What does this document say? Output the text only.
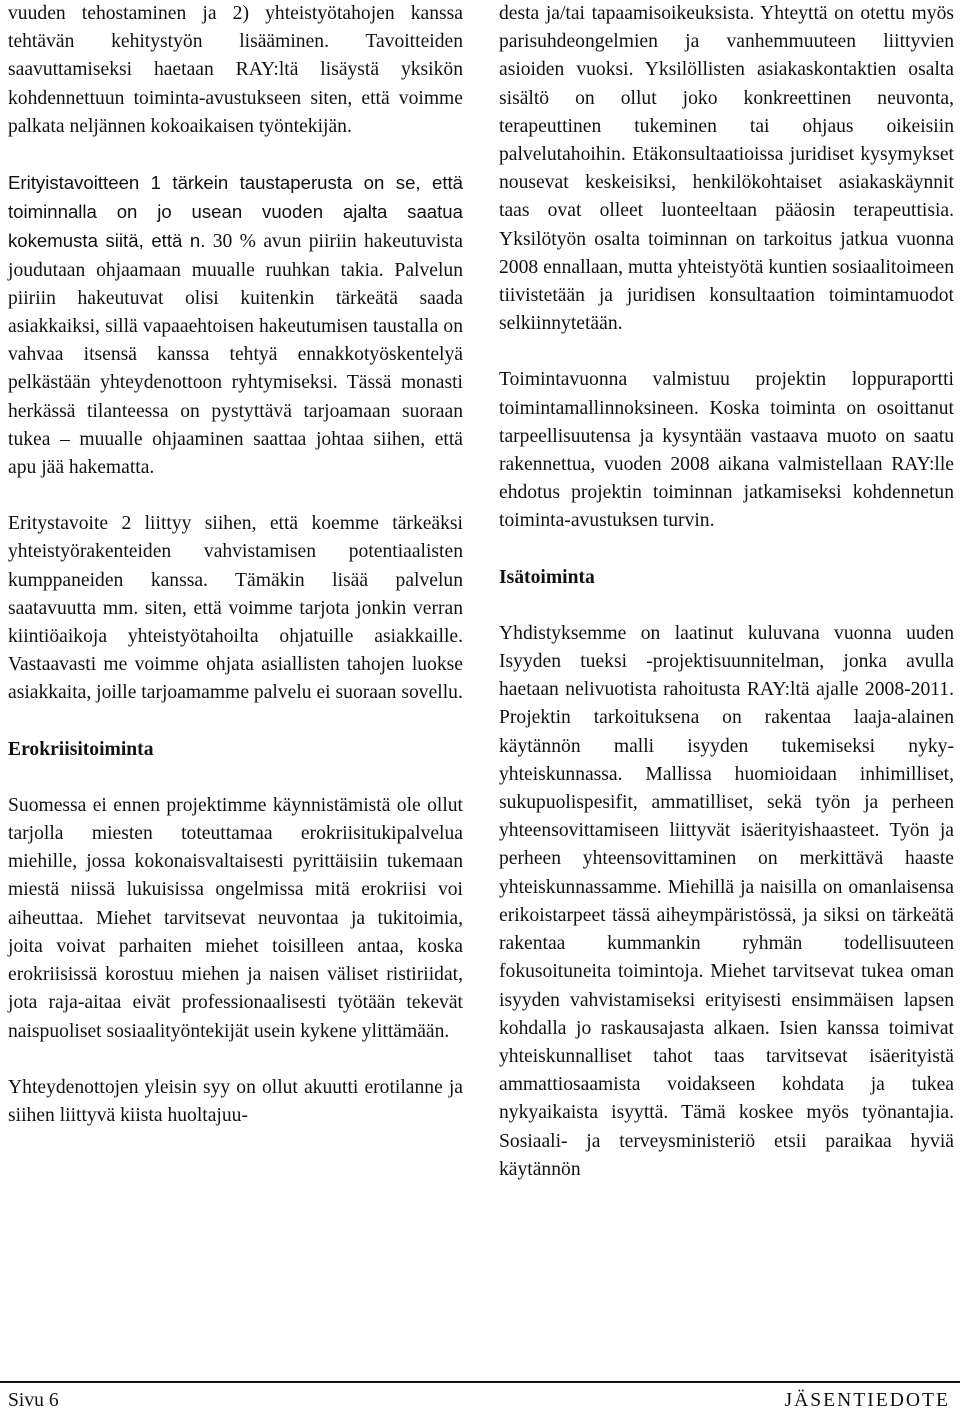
vuuden tehostaminen ja 2) yhteistyötahojen kanssa tehtävän kehitystyön lisääminen. Tavoitteiden saavuttamiseksi haetaan RAY:ltä lisäystä yksikön kohdennettuun toiminta-avustukseen siten, että voimme palkata neljännen kokoaikaisen työntekijän.

Erityistavoitteen 1 tärkein taustaperusta on se, että toiminnalla on jo usean vuoden ajalta saatua kokemusta siitä, että n. 30 % avun piiriin hakeutuvista joudutaan ohjaamaan muualle ruuhkan takia. Palvelun piiriin hakeutuvat olisi kuitenkin tärkeätä saada asiakkaiksi, sillä vapaaehtoisen hakeutumisen taustalla on vahvaa itsensä kanssa tehtyä ennakkotyöskentelyä pelkästään yhteydenottoon ryhtymiseksi. Tässä monasti herkässä tilanteessa on pystyttävä tarjoamaan suoraan tukea – muualle ohjaaminen saattaa johtaa siihen, että apu jää hakematta.

Eritystavoite 2 liittyy siihen, että koemme tärkeäksi yhteistyörakenteiden vahvistamisen potentiaalisten kumppaneiden kanssa. Tämäkin lisää palvelun saatavuutta mm. siten, että voimme tarjota jonkin verran kiintiöaikoja yhteistyötahoilta ohjatuille asiakkaille. Vastaavasti me voimme ohjata asiallisten tahojen luokse asiakkaita, joille tarjoamamme palvelu ei suoraan sovellu.

Erokriisitoiminta

Suomessa ei ennen projektimme käynnistämistä ole ollut tarjolla miesten toteuttamaa erokriisitukipalvelua miehille, jossa kokonaisvaltaisesti pyrittäisiin tukemaan miestä niissä lukuisissa ongelmissa mitä erokriisi voi aiheuttaa. Miehet tarvitsevat neuvontaa ja tukitoimia, joita voivat parhaiten miehet toisilleen antaa, koska erokriisissä korostuu miehen ja naisen väliset ristiriidat, jota raja-aitaa eivät professionaalisesti työtään tekevät naispuoliset sosiaalityöntekijät usein kykene ylittämään.

Yhteydenottojen yleisin syy on ollut akuutti erotilanne ja siihen liittyvä kiista huoltajuu-

desta ja/tai tapaamisoikeuksista. Yhteyttä on otettu myös parisuhdeongelmien ja vanhemmuuteen liittyvien asioiden vuoksi. Yksilöllisten asiakaskontaktien osalta sisältö on ollut joko konkreettinen neuvonta, terapeuttinen tukeminen tai ohjaus oikeisiin palvelutahoihin. Etäkonsultaatioissa juridiset kysymykset nousevat keskeisiksi, henkilökohtaiset asiakaskäynnit taas ovat olleet luonteeltaan pääosin terapeuttisia. Yksilötyön osalta toiminnan on tarkoitus jatkua vuonna 2008 ennallaan, mutta yhteistyötä kuntien sosiaalitoimeen tiivistetään ja juridisen konsultaation toimintamuodot selkiinnytetään.

Toimintavuonna valmistuu projektin loppuraportti toimintamallinnoksineen. Koska toiminta on osoittanut tarpeellisuutensa ja kysyntään vastaava muoto on saatu rakennettua, vuoden 2008 aikana valmistellaan RAY:lle ehdotus projektin toiminnan jatkamiseksi kohdennetun toiminta-avustuksen turvin.

Isätoiminta

Yhdistyksemme on laatinut kuluvana vuonna uuden Isyyden tueksi -projektisuunnitelman, jonka avulla haetaan nelivuotista rahoitusta RAY:ltä ajalle 2008-2011. Projektin tarkoituksena on rakentaa laaja-alainen käytännön malli isyyden tukemiseksi nyky-yhteiskunnassa. Mallissa huomioidaan inhimilliset, sukupuolispesifit, ammatilliset, sekä työn ja perheen yhteensovittamiseen liittyvät isäerityishaasteet. Työn ja perheen yhteensovittaminen on merkittävä haaste yhteiskunnassamme. Miehillä ja naisilla on omanlaisensa erikoistarpeet tässä aiheympäristössä, ja siksi on tärkeätä rakentaa kummankin ryhmän todellisuuteen fokusoituneita toimintoja. Miehet tarvitsevat tukea oman isyyden vahvistamiseksi erityisesti ensimmäisen lapsen kohdalla jo raskausajasta alkaen. Isien kanssa toimivat yhteiskunnalliset tahot taas tarvitsevat isäerityistä ammattiosaamista voidakseen kohdata ja tukea nykyaikaista isyyttä. Tämä koskee myös työnantajia. Sosiaali- ja terveysministeriö etsii paraikaa hyviä käytännön

Sivu 6	JÄSENTIEDOTE
